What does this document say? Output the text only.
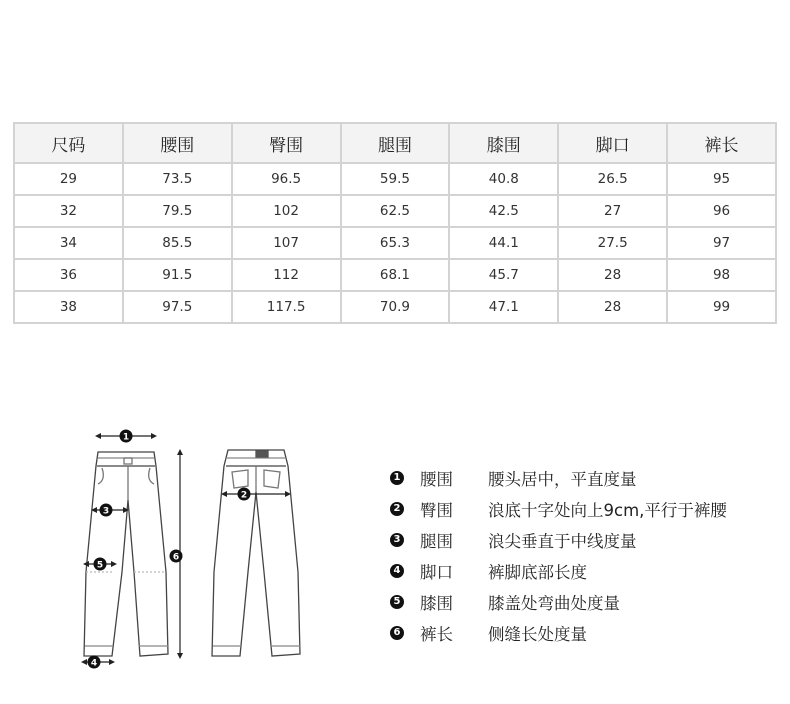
尺码	腰围	臀围	腿围	膝围	脚口	裤长
29	73.5	96.5	59.5	40.8	26.5	95
32	79.5	102	62.5	42.5	27	96
34	85.5	107	65.3	44.1	27.5	97
36	91.5	112	68.1	45.7	28	98
38	97.5	117.5	70.9	47.1	28	99
1
2
3
4
5
6
1 腰围	腰头居中，平直度量
2 臀围	浪底十字处向上9cm,平行于裤腰
3 腿围	浪尖垂直于中线度量
4 脚口	裤脚底部长度
5 膝围	膝盖处弯曲处度量
6 裤长	侧缝长处度量
